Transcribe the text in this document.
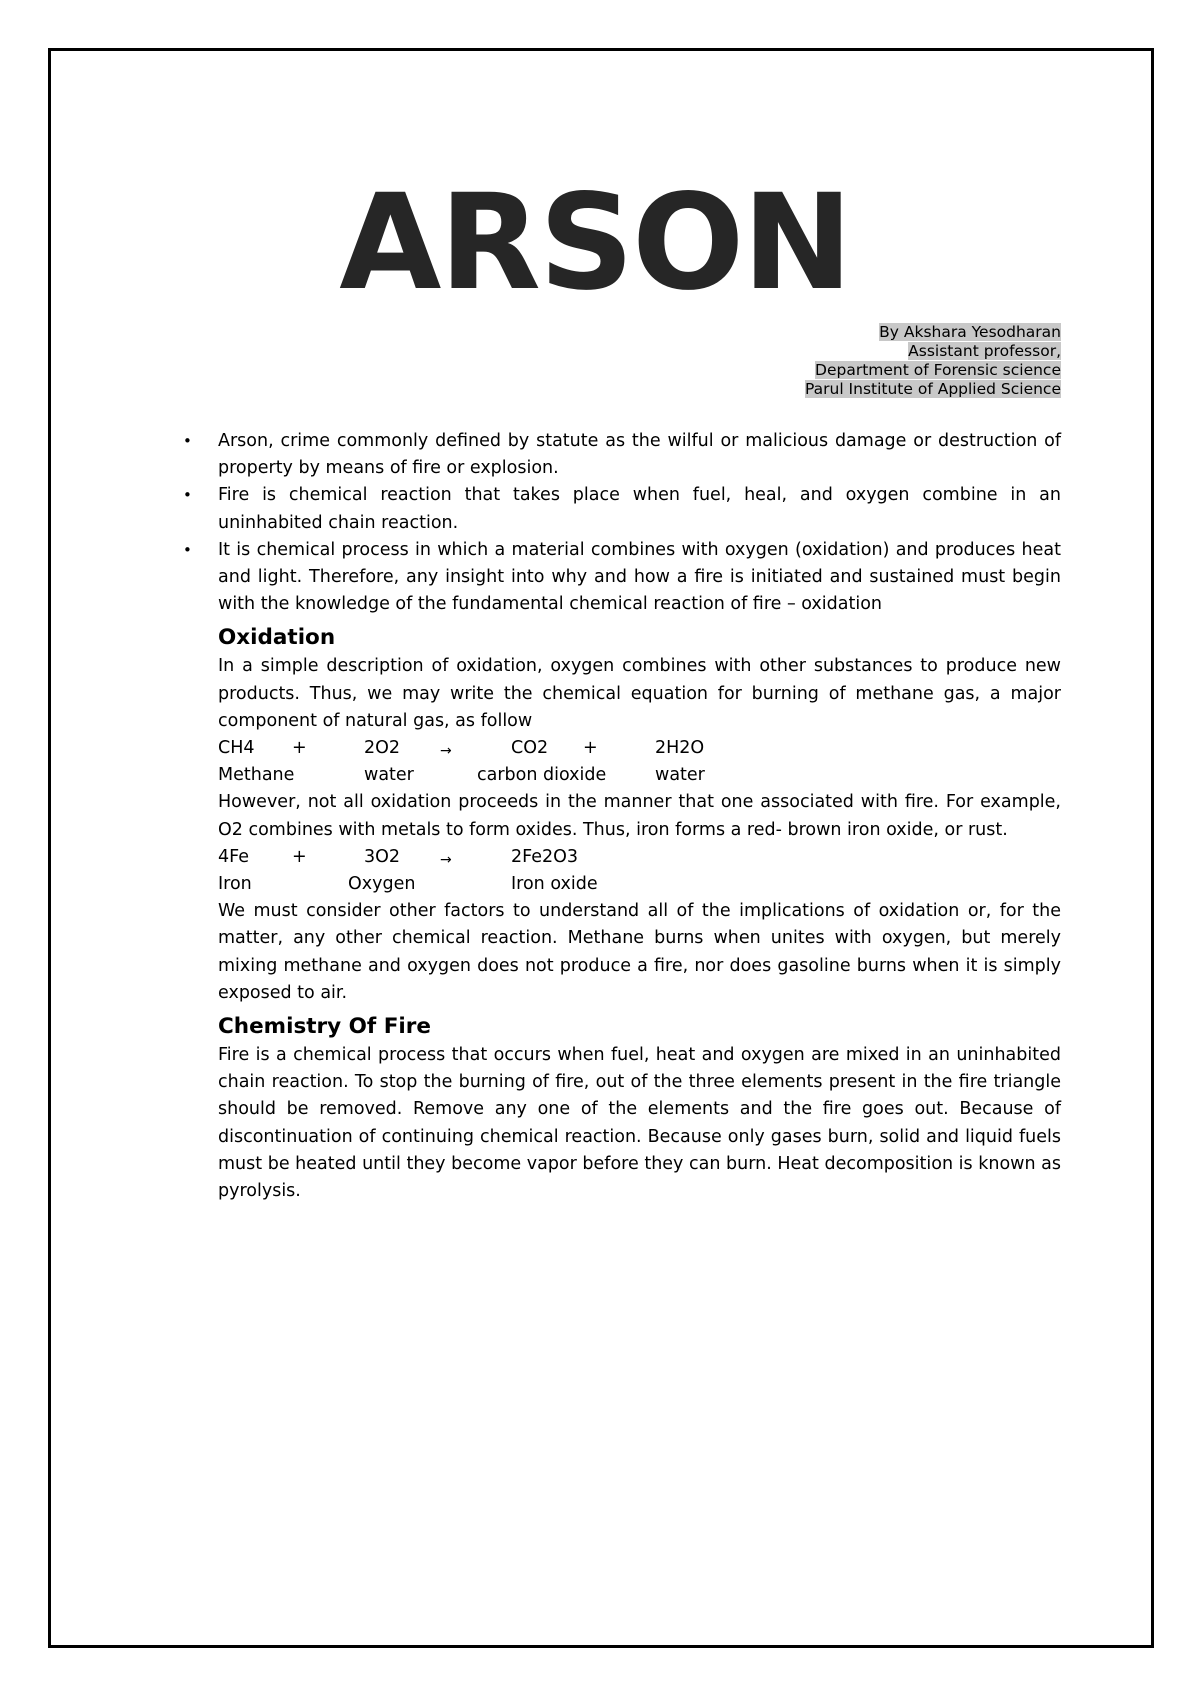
ARSON
By Akshara Yesodharan
Assistant professor,
Department of Forensic science
Parul Institute of Applied Science

• Arson, crime commonly defined by statute as the wilful or malicious damage or destruction of property by means of fire or explosion.

• Fire is chemical reaction that takes place when fuel, heal, and oxygen combine in an uninhabited chain reaction.

• It is chemical process in which a material combines with oxygen (oxidation) and produces heat and light. Therefore, any insight into why and how a fire is initiated and sustained must begin with the knowledge of the fundamental chemical reaction of fire – oxidation

Oxidation

In a simple description of oxidation, oxygen combines with other substances to produce new products. Thus, we may write the chemical equation for burning of methane gas, a major component of natural gas, as follow

CH4 +	2O2	→	CO2 +	2H2O
Methane	water	carbon dioxide	water

However, not all oxidation proceeds in the manner that one associated with fire. For example, O2 combines with metals to form oxides. Thus, iron forms a red- brown iron oxide, or rust.

4Fe +	3O2	→	2Fe2O3
Iron	Oxygen	Iron oxide

We must consider other factors to understand all of the implications of oxidation or, for the matter, any other chemical reaction. Methane burns when unites with oxygen, but merely mixing methane and oxygen does not produce a fire, nor does gasoline burns when it is simply exposed to air.

Chemistry Of Fire

Fire is a chemical process that occurs when fuel, heat and oxygen are mixed in an uninhabited chain reaction. To stop the burning of fire, out of the three elements present in the fire triangle should be removed. Remove any one of the elements and the fire goes out. Because of discontinuation of continuing chemical reaction. Because only gases burn, solid and liquid fuels must be heated until they become vapor before they can burn. Heat decomposition is known as pyrolysis.
